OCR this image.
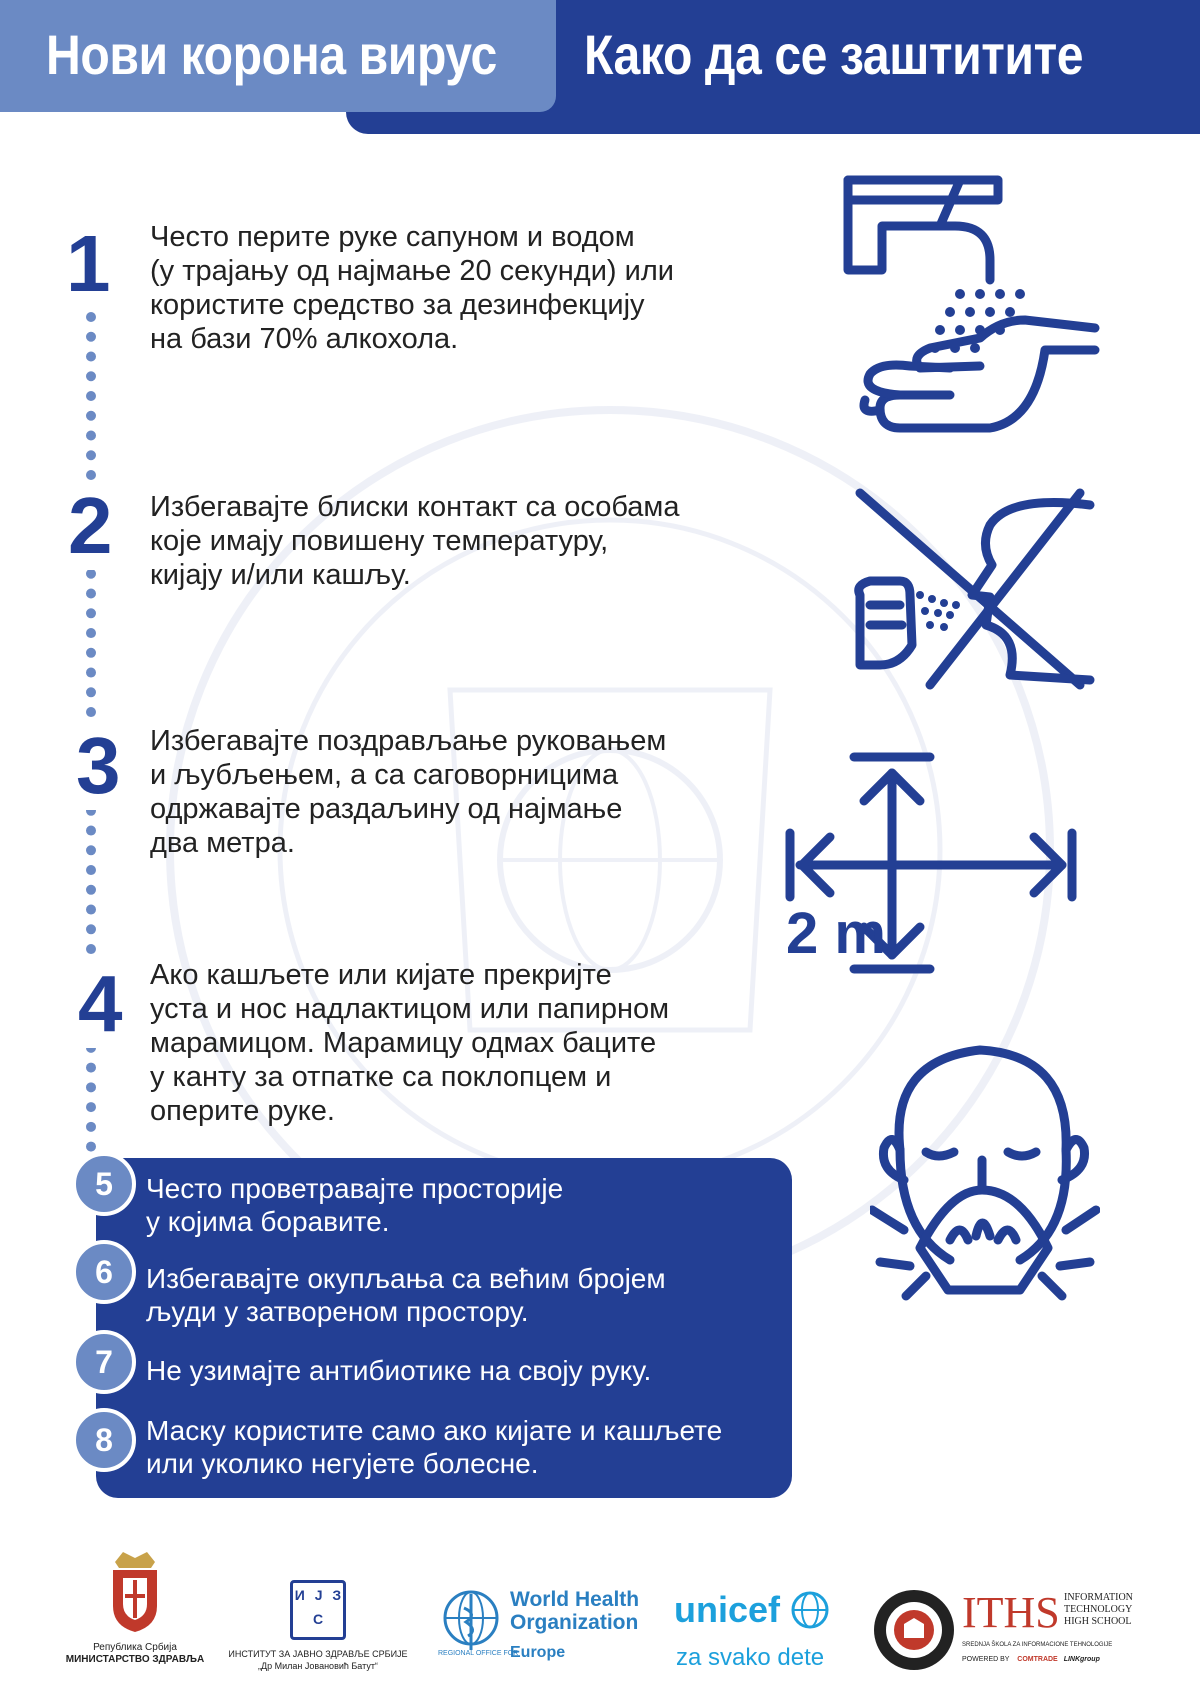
Нови корона вирус Како да се заштитите
1
2
3
4
Често перите руке сапуном и водом
(у трајању од најмање 20 секунди) или
користите средство за дезинфекцију
на бази 70% алкохола.
Избегавајте блиски контакт са особама
које имају повишену температуру,
кијају и/или кашљу.
Избегавајте поздрављање руковањем
и љубљењем, а са саговорницима
одржавајте раздаљину од најмање
два метра.
Ако кашљете или кијате прекријте
уста и нос надлактицом или папирном
марамицом. Марамицу одмах баците
у канту за отпатке са поклопцем и
оперите руке.
2 m
5	Често проветравајте просторије
у којима боравите.
6	Избегавајте окупљања са већим бројем
људи у затвореном простору.
7	Не узимајте антибиотике на своју руку.
8	Маску користите само ако кијате и кашљете
или уколико негујете болесне.
Република Србија
МИНИСТАРСТВО ЗДРАВЉА
И Ј З С
ИНСТИТУТ ЗА ЈАВНО ЗДРАВЉЕ СРБИЈЕ
„Др Милан Јовановић Батут“
World Health
Organization
REGIONAL OFFICE FOR
Europe
unicef
za svako dete
ITHS INFORMATION
TECHNOLOGY
HIGH SCHOOL
SREDNJA ŠKOLA ZA INFORMACIONE TEHNOLOGIJE
POWERED BY COMTRADE LINKgroup
